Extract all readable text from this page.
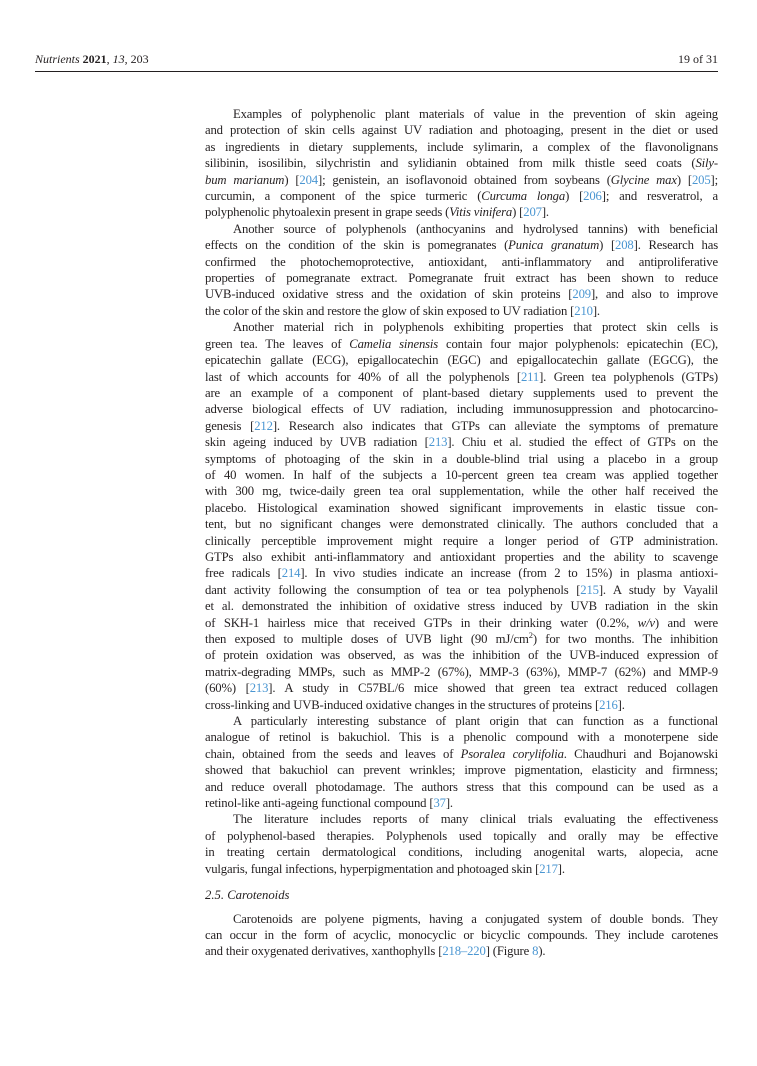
Nutrients 2021, 13, 203	19 of 31
Examples of polyphenolic plant materials of value in the prevention of skin ageing
and protection of skin cells against UV radiation and photoaging, present in the diet or used
as ingredients in dietary supplements, include sylimarin, a complex of the flavonolignans
silibinin, isosilibin, silychristin and sylidianin obtained from milk thistle seed coats (Sily-
bum marianum) [204]; genistein, an isoflavonoid obtained from soybeans (Glycine max) [205];
curcumin, a component of the spice turmeric (Curcuma longa) [206]; and resveratrol, a
polyphenolic phytoalexin present in grape seeds (Vitis vinifera) [207].
Another source of polyphenols (anthocyanins and hydrolysed tannins) with beneficial
effects on the condition of the skin is pomegranates (Punica granatum) [208]. Research has
confirmed the photochemoprotective, antioxidant, anti-inflammatory and antiproliferative
properties of pomegranate extract. Pomegranate fruit extract has been shown to reduce
UVB-induced oxidative stress and the oxidation of skin proteins [209], and also to improve
the color of the skin and restore the glow of skin exposed to UV radiation [210].
Another material rich in polyphenols exhibiting properties that protect skin cells is
green tea. The leaves of Camelia sinensis contain four major polyphenols: epicatechin (EC),
epicatechin gallate (ECG), epigallocatechin (EGC) and epigallocatechin gallate (EGCG), the
last of which accounts for 40% of all the polyphenols [211]. Green tea polyphenols (GTPs)
are an example of a component of plant-based dietary supplements used to prevent the
adverse biological effects of UV radiation, including immunosuppression and photocarcino-
genesis [212]. Research also indicates that GTPs can alleviate the symptoms of premature
skin ageing induced by UVB radiation [213]. Chiu et al. studied the effect of GTPs on the
symptoms of photoaging of the skin in a double-blind trial using a placebo in a group
of 40 women. In half of the subjects a 10-percent green tea cream was applied together
with 300 mg, twice-daily green tea oral supplementation, while the other half received the
placebo. Histological examination showed significant improvements in elastic tissue con-
tent, but no significant changes were demonstrated clinically. The authors concluded that a
clinically perceptible improvement might require a longer period of GTP administration.
GTPs also exhibit anti-inflammatory and antioxidant properties and the ability to scavenge
free radicals [214]. In vivo studies indicate an increase (from 2 to 15%) in plasma antioxi-
dant activity following the consumption of tea or tea polyphenols [215]. A study by Vayalil
et al. demonstrated the inhibition of oxidative stress induced by UVB radiation in the skin
of SKH-1 hairless mice that received GTPs in their drinking water (0.2%, w/v) and were
then exposed to multiple doses of UVB light (90 $mJ/cm^2$) for two months. The inhibition
of protein oxidation was observed, as was the inhibition of the UVB-induced expression of
matrix-degrading MMPs, such as MMP-2 (67%), MMP-3 (63%), MMP-7 (62%) and MMP-9
(60%) [213]. A study in C57BL/6 mice showed that green tea extract reduced collagen
cross-linking and UVB-induced oxidative changes in the structures of proteins [216].
A particularly interesting substance of plant origin that can function as a functional
analogue of retinol is bakuchiol. This is a phenolic compound with a monoterpene side
chain, obtained from the seeds and leaves of Psoralea corylifolia. Chaudhuri and Bojanowski
showed that bakuchiol can prevent wrinkles; improve pigmentation, elasticity and firmness;
and reduce overall photodamage. The authors stress that this compound can be used as a
retinol-like anti-ageing functional compound [37].
The literature includes reports of many clinical trials evaluating the effectiveness
of polyphenol-based therapies. Polyphenols used topically and orally may be effective
in treating certain dermatological conditions, including anogenital warts, alopecia, acne
vulgaris, fungal infections, hyperpigmentation and photoaged skin [217].
2.5. Carotenoids
Carotenoids are polyene pigments, having a conjugated system of double bonds. They
can occur in the form of acyclic, monocyclic or bicyclic compounds. They include carotenes
and their oxygenated derivatives, xanthophylls [218–220] (Figure 8).
